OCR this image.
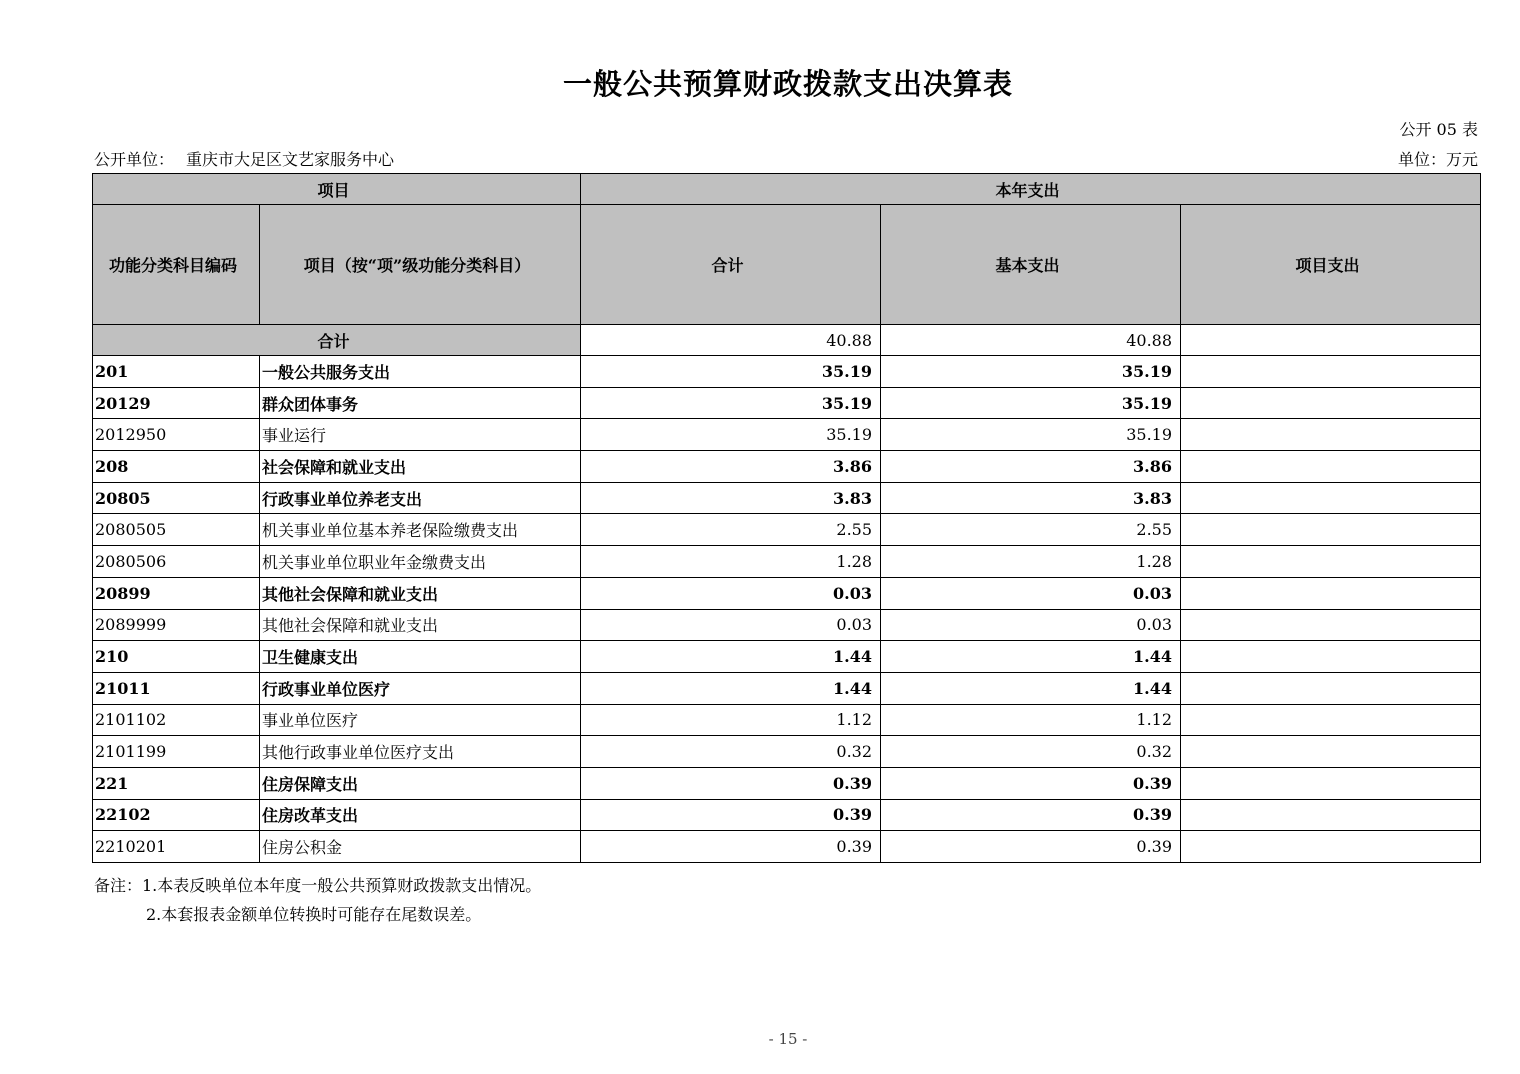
一般公共预算财政拨款支出决算表
公开 05 表
公开单位： 重庆市大足区文艺家服务中心	单位：万元
项目		本年支出		
功能分类科目编码	项目（按“项”级功能分类科目）	合计	基本支出	项目支出
合计		40.88	40.88	
201	一般公共服务支出	35.19	35.19	
20129	群众团体事务	35.19	35.19	
2012950	事业运行	35.19	35.19	
208	社会保障和就业支出	3.86	3.86	
20805	行政事业单位养老支出	3.83	3.83	
2080505	机关事业单位基本养老保险缴费支出	2.55	2.55	
2080506	机关事业单位职业年金缴费支出	1.28	1.28	
20899	其他社会保障和就业支出	0.03	0.03	
2089999	其他社会保障和就业支出	0.03	0.03	
210	卫生健康支出	1.44	1.44	
21011	行政事业单位医疗	1.44	1.44	
2101102	事业单位医疗	1.12	1.12	
2101199	其他行政事业单位医疗支出	0.32	0.32	
221	住房保障支出	0.39	0.39	
22102	住房改革支出	0.39	0.39	
2210201	住房公积金	0.39	0.39	
备注：1.本表反映单位本年度一般公共预算财政拨款支出情况。
2.本套报表金额单位转换时可能存在尾数误差。
- 15 -
